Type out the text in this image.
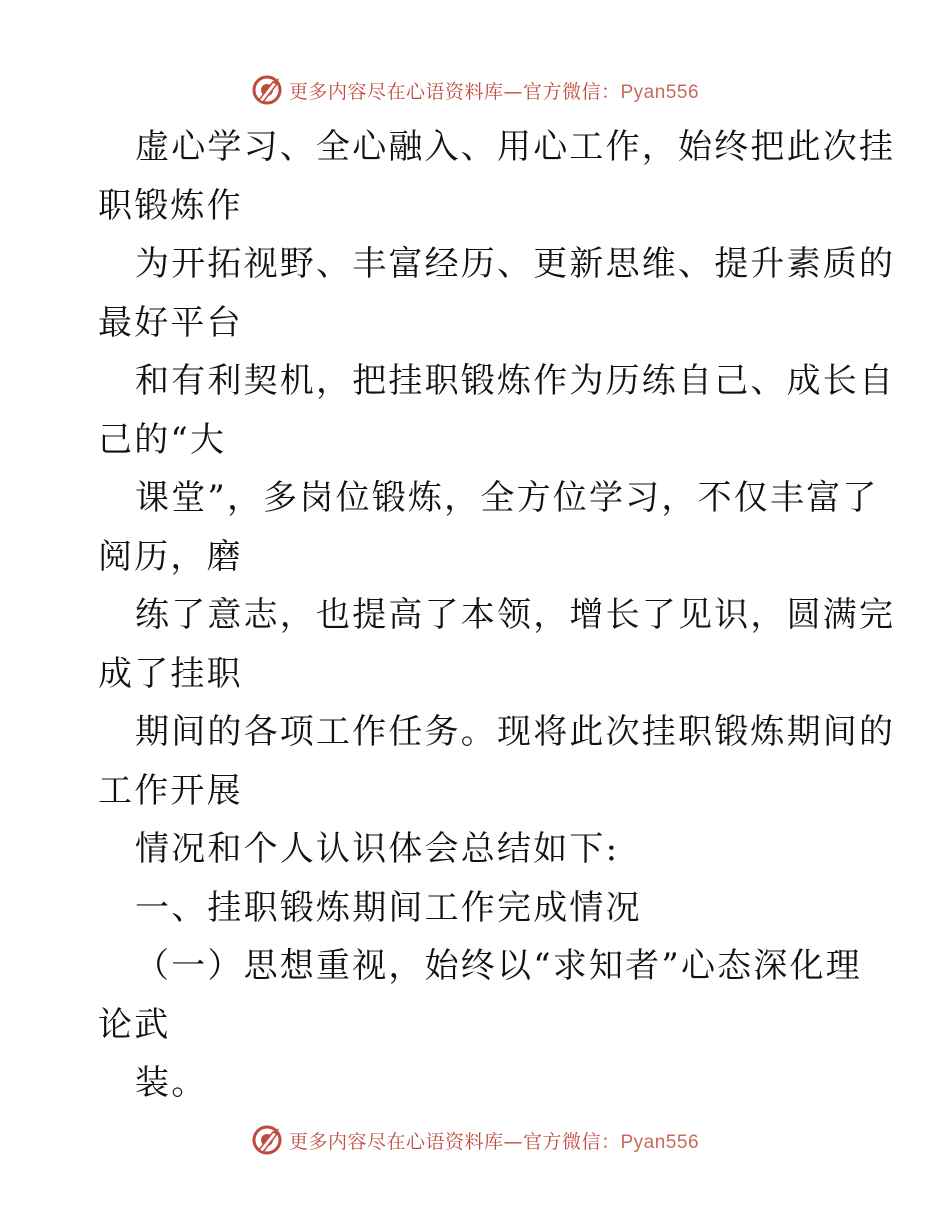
更多内容尽在心语资料库—官方微信：Pyan556
虚心学习、全心融入、用心工作，始终把此次挂
职锻炼作
为开拓视野、丰富经历、更新思维、提升素质的
最好平台
和有利契机，把挂职锻炼作为历练自己、成长自
己的“大
课堂”，多岗位锻炼，全方位学习，不仅丰富了
阅历，磨
练了意志，也提高了本领，增长了见识，圆满完
成了挂职
期间的各项工作任务。现将此次挂职锻炼期间的
工作开展
情况和个人认识体会总结如下:
一、挂职锻炼期间工作完成情况
（一）思想重视，始终以“求知者”心态深化理
论武
装。
更多内容尽在心语资料库—官方微信：Pyan556
